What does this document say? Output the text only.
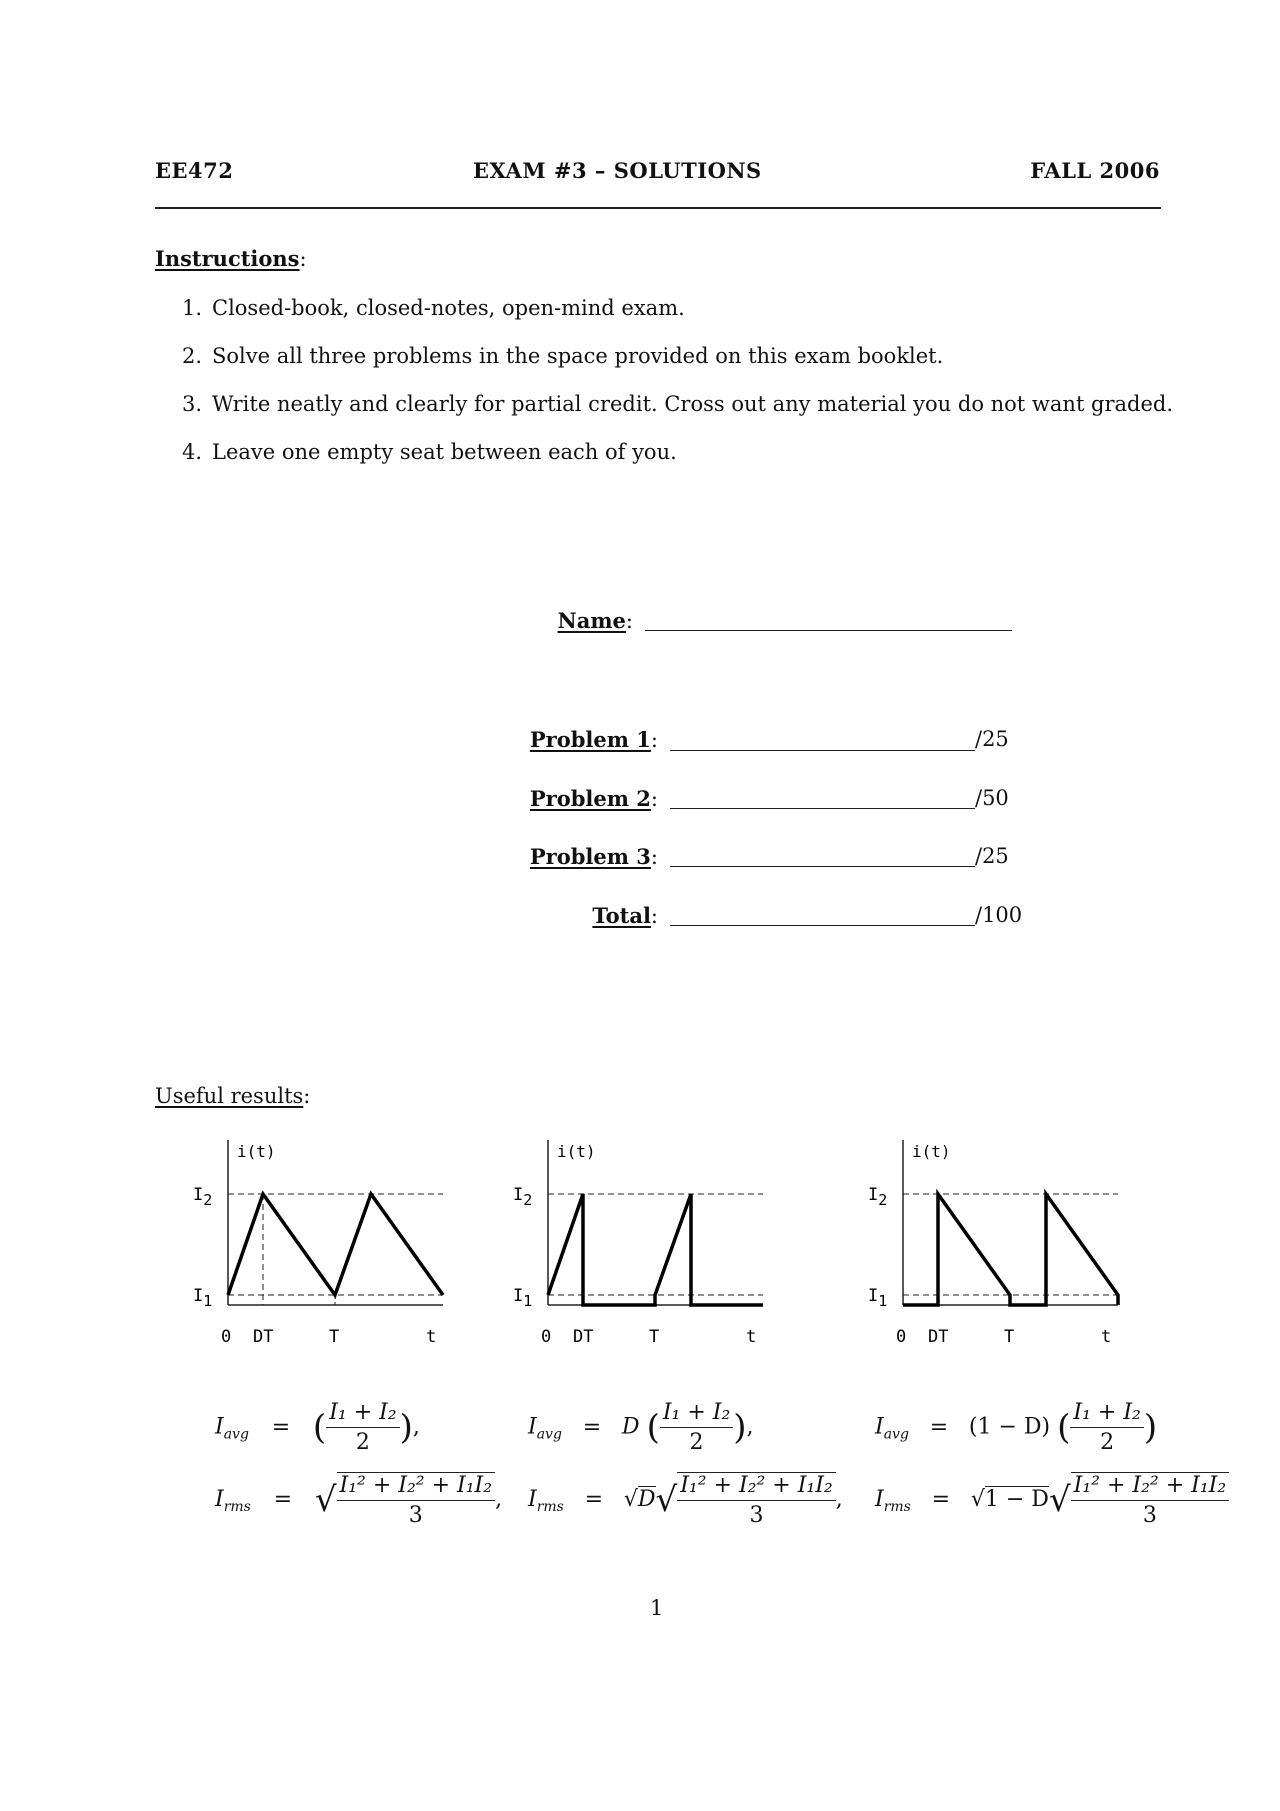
EE472	EXAM #3 – SOLUTIONS	FALL 2006
Instructions:
1. Closed-book, closed-notes, open-mind exam.
2. Solve all three problems in the space provided on this exam booklet.
3. Write neatly and clearly for partial credit. Cross out any material you do not want graded.
4. Leave one empty seat between each of you.
Name:
Problem 1:	/25
Problem 2:	/50
Problem 3:	/25
Total:	/100
Useful results:
i(t)
I2
I1
0 DT	T	t
i(t)
I2
I1
0 DT	T	t
i(t)
I2
I1
0 DT	T	t
$I_{avg}$ = ( $\frac{\text{I₁ + I₂}}{2}$ ),
$I_{rms}$ = √ $\frac{\text{I₁² + I₂² + I₁I₂}}{3}$ ,
$I_{avg} = D$ ( $\frac{\text{I₁ + I₂}}{2}$ ),
$I_{rms} = √D√ \frac{\text{I₁² + I₂² + I₁I₂}}{3}$ ,
$I_{avg} = (1 - D)$ ( $\frac{\text{I₁ + I₂}}{2}$ )
$I_{rms} = √1 - D√ \frac{\text{I₁² + I₂² + I₁I₂}}{3}$
1
